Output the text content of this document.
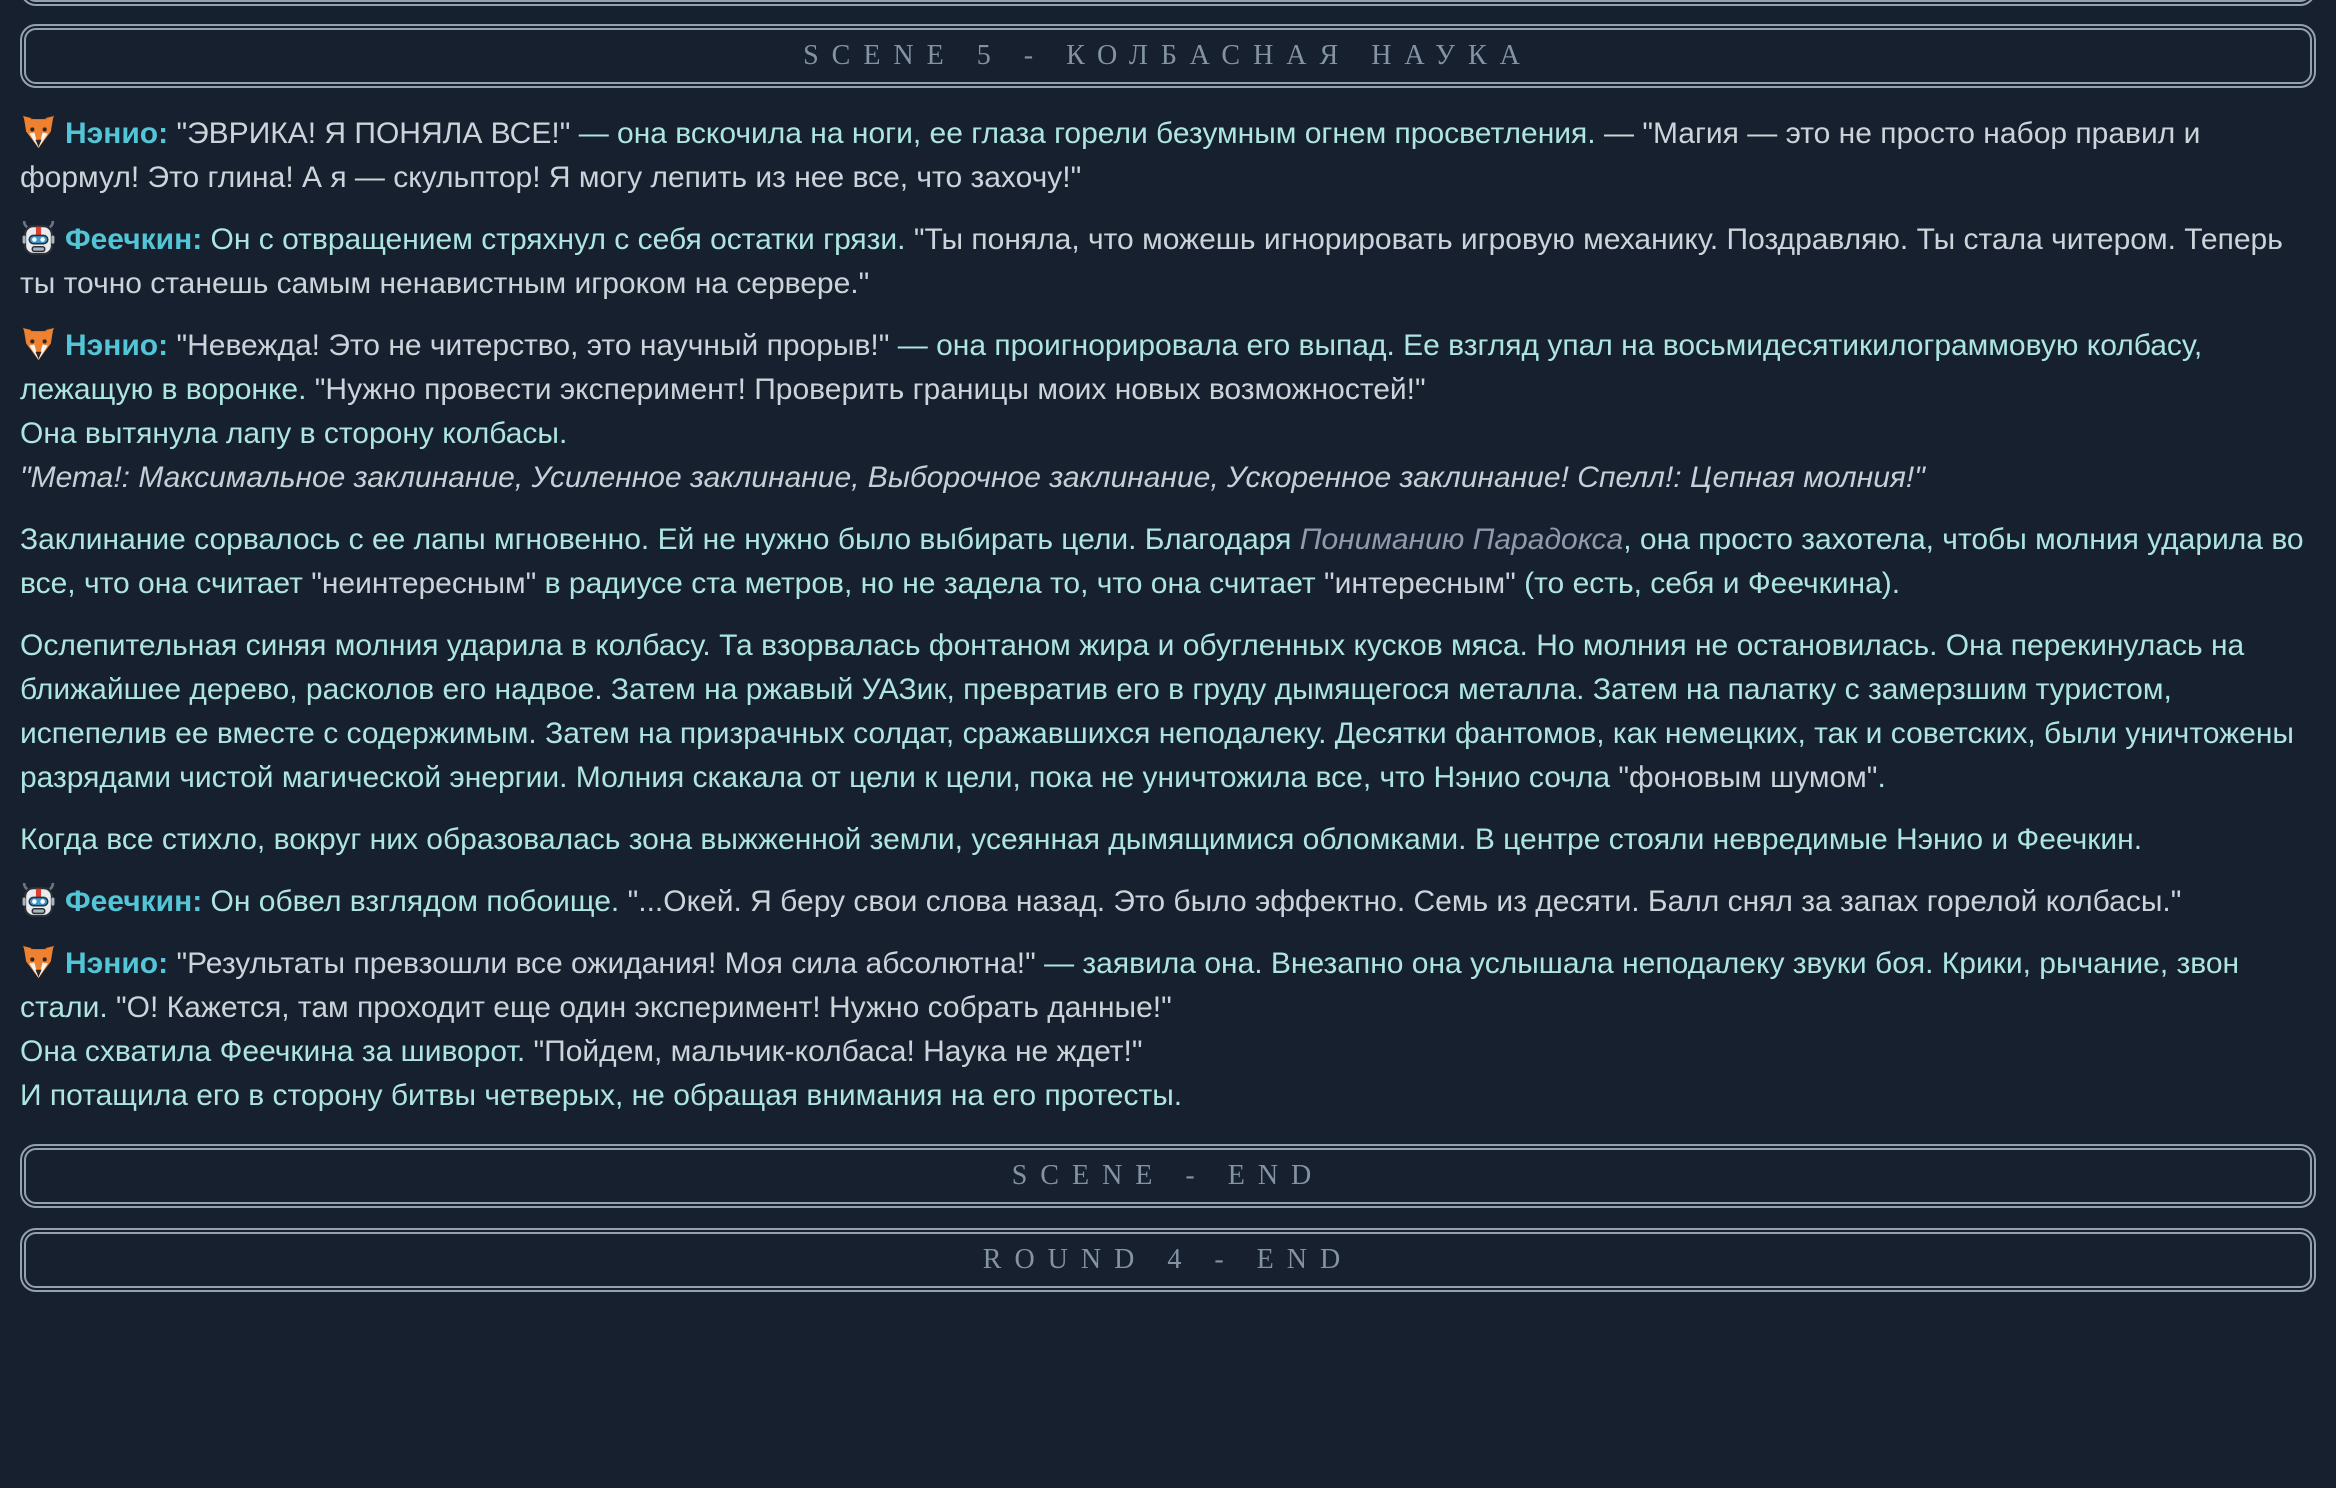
SCENE 5 - КОЛБАСНАЯ НАУКА

Нэнио: "ЭВРИКА! Я ПОНЯЛА ВСЕ!" — она вскочила на ноги, ее глаза горели безумным огнем просветления. — "Магия — это не просто набор правил и формул! Это глина! А я — скульптор! Я могу лепить из нее все, что захочу!"

Феечкин: Он с отвращением стряхнул с себя остатки грязи. "Ты поняла, что можешь игнорировать игровую механику. Поздравляю. Ты стала читером. Теперь ты точно станешь самым ненавистным игроком на сервере."

Нэнио: "Невежда! Это не читерство, это научный прорыв!" — она проигнорировала его выпад. Ее взгляд упал на восьмидесятикилограммовую колбасу, лежащую в воронке. "Нужно провести эксперимент! Проверить границы моих новых возможностей!"
Она вытянула лапу в сторону колбасы.
"Мета!: Максимальное заклинание, Усиленное заклинание, Выборочное заклинание, Ускоренное заклинание! Спелл!: Цепная молния!"

Заклинание сорвалось с ее лапы мгновенно. Ей не нужно было выбирать цели. Благодаря Пониманию Парадокса, она просто захотела, чтобы молния ударила во все, что она считает "неинтересным" в радиусе ста метров, но не задела то, что она считает "интересным" (то есть, себя и Феечкина).

Ослепительная синяя молния ударила в колбасу. Та взорвалась фонтаном жира и обугленных кусков мяса. Но молния не остановилась. Она перекинулась на ближайшее дерево, расколов его надвое. Затем на ржавый УАЗик, превратив его в груду дымящегося металла. Затем на палатку с замерзшим туристом, испепелив ее вместе с содержимым. Затем на призрачных солдат, сражавшихся неподалеку. Десятки фантомов, как немецких, так и советских, были уничтожены разрядами чистой магической энергии. Молния скакала от цели к цели, пока не уничтожила все, что Нэнио сочла "фоновым шумом".

Когда все стихло, вокруг них образовалась зона выжженной земли, усеянная дымящимися обломками. В центре стояли невредимые Нэнио и Феечкин.

Феечкин: Он обвел взглядом побоище. "...Окей. Я беру свои слова назад. Это было эффектно. Семь из десяти. Балл снял за запах горелой колбасы."

Нэнио: "Результаты превзошли все ожидания! Моя сила абсолютна!" — заявила она. Внезапно она услышала неподалеку звуки боя. Крики, рычание, звон стали. "О! Кажется, там проходит еще один эксперимент! Нужно собрать данные!"
Она схватила Феечкина за шиворот. "Пойдем, мальчик-колбаса! Наука не ждет!"
И потащила его в сторону битвы четверых, не обращая внимания на его протесты.

SCENE - END
ROUND 4 - END
